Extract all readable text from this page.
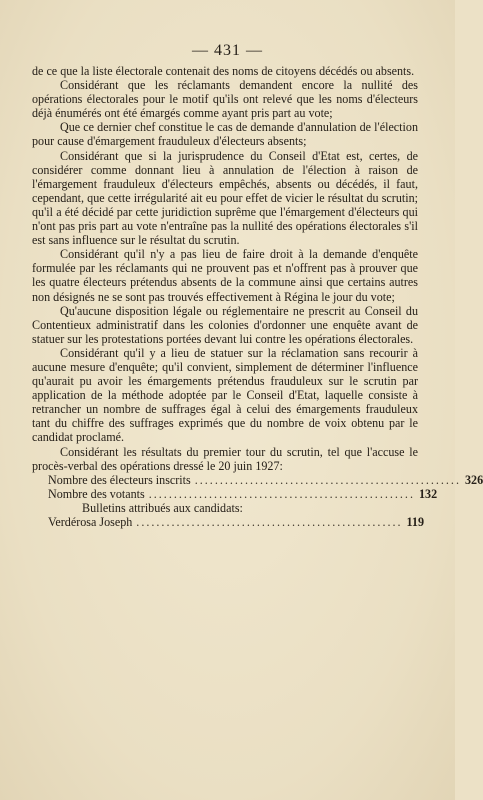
— 431 —

de ce que la liste électorale contenait des noms de citoyens décédés ou absents.

Considérant que les réclamants demandent encore la nullité des opérations électorales pour le motif qu'ils ont relevé que les noms d'électeurs déjà énumérés ont été émargés comme ayant pris part au vote;

Que ce dernier chef constitue le cas de demande d'annulation de l'élection pour cause d'émargement frauduleux d'électeurs absents;

Considérant que si la jurisprudence du Conseil d'Etat est, certes, de considérer comme donnant lieu à annulation de l'élection à raison de l'émargement frauduleux d'électeurs empêchés, absents ou décédés, il faut, cependant, que cette irrégularité ait eu pour effet de vicier le résultat du scrutin; qu'il a été décidé par cette juridiction suprême que l'émargement d'électeurs qui n'ont pas pris part au vote n'entraîne pas la nullité des opérations électorales s'il est sans influence sur le résultat du scrutin.

Considérant qu'il n'y a pas lieu de faire droit à la demande d'enquête formulée par les réclamants qui ne prouvent pas et n'offrent pas à prouver que les quatre électeurs prétendus absents de la commune ainsi que certains autres non désignés ne se sont pas trouvés effectivement à Régina le jour du vote;

Qu'aucune disposition légale ou réglementaire ne prescrit au Conseil du Contentieux administratif dans les colonies d'ordonner une enquête avant de statuer sur les protestations portées devant lui contre les opérations électorales.

Considérant qu'il y a lieu de statuer sur la réclamation sans recourir à aucune mesure d'enquête; qu'il convient, simplement de déterminer l'influence qu'aurait pu avoir les émargements prétendus frauduleux sur le scrutin par application de la méthode adoptée par le Conseil d'Etat, laquelle consiste à retrancher un nombre de suffrages égal à celui des émargements frauduleux tant du chiffre des suffrages exprimés que du nombre de voix obtenu par le candidat proclamé.

Considérant les résultats du premier tour du scrutin, tel que l'accuse le procès-verbal des opérations dressé le 20 juin 1927:

Nombre des électeurs inscrits ..................................................... 326
Nombre des votants ..................................................... 132
Bulletins attribués aux candidats:
Verdérosa Joseph ..................................................... 119
